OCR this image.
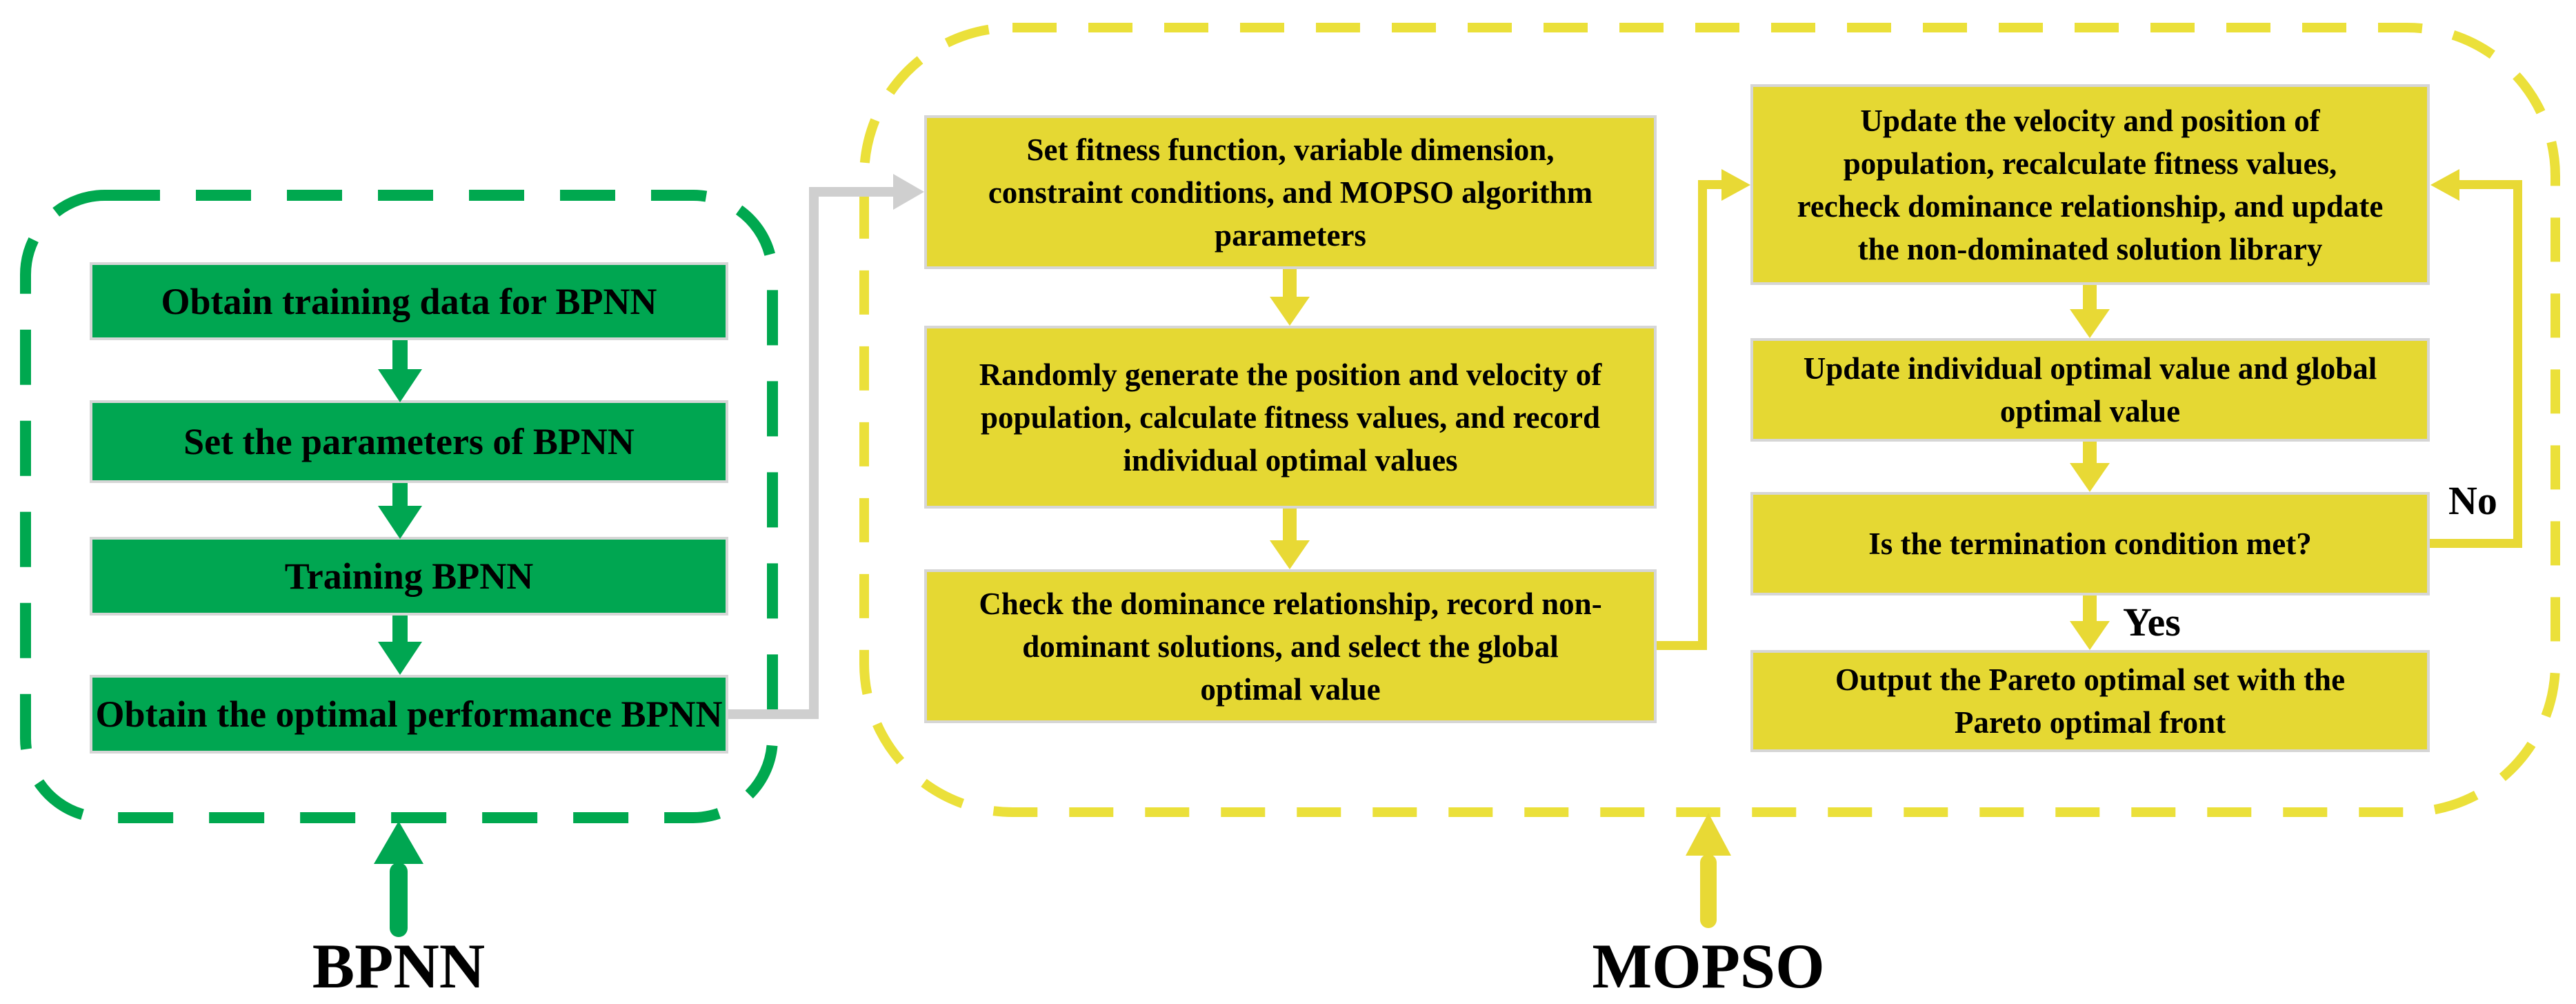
Obtain training data for BPNN
Set the parameters of BPNN
Training BPNN
Obtain the optimal performance BPNN
BPNN
Set fitness function, variable dimension, constraint conditions, and MOPSO algorithm parameters
Randomly generate the position and velocity of population, calculate fitness values, and record individual optimal values
Check the dominance relationship, record non-dominant solutions, and select the global optimal value
Update the velocity and position of population, recalculate fitness values, recheck dominance relationship, and update the non-dominated solution library
Update individual optimal value and global optimal value
Is the termination condition met?
Output the Pareto optimal set with the Pareto optimal front
Yes
No
MOPSO
